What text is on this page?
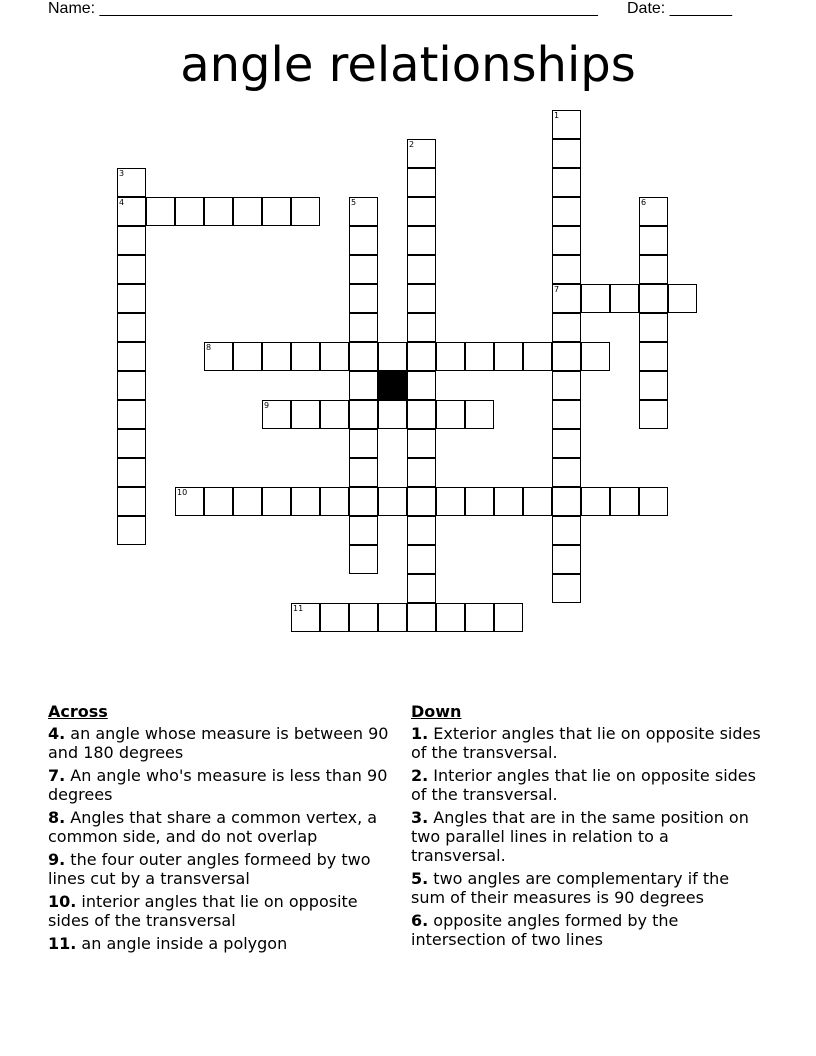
Name: ________________________________________________________ Date: _______
angle relationships
1
7
2
3
4	5	6
8
9
10
11
Across
4. an angle whose measure is between 90 and 180 degrees
7. An angle who's measure is less than 90 degrees
8. Angles that share a common vertex, a common side, and do not overlap
9. the four outer angles formeed by two lines cut by a transversal
10. interior angles that lie on opposite sides of the transversal
11. an angle inside a polygon
Down
1. Exterior angles that lie on opposite sides of the transversal.
2. Interior angles that lie on opposite sides of the transversal.
3. Angles that are in the same position on two parallel lines in relation to a transversal.
5. two angles are complementary if the sum of their measures is 90 degrees
6. opposite angles formed by the intersection of two lines
